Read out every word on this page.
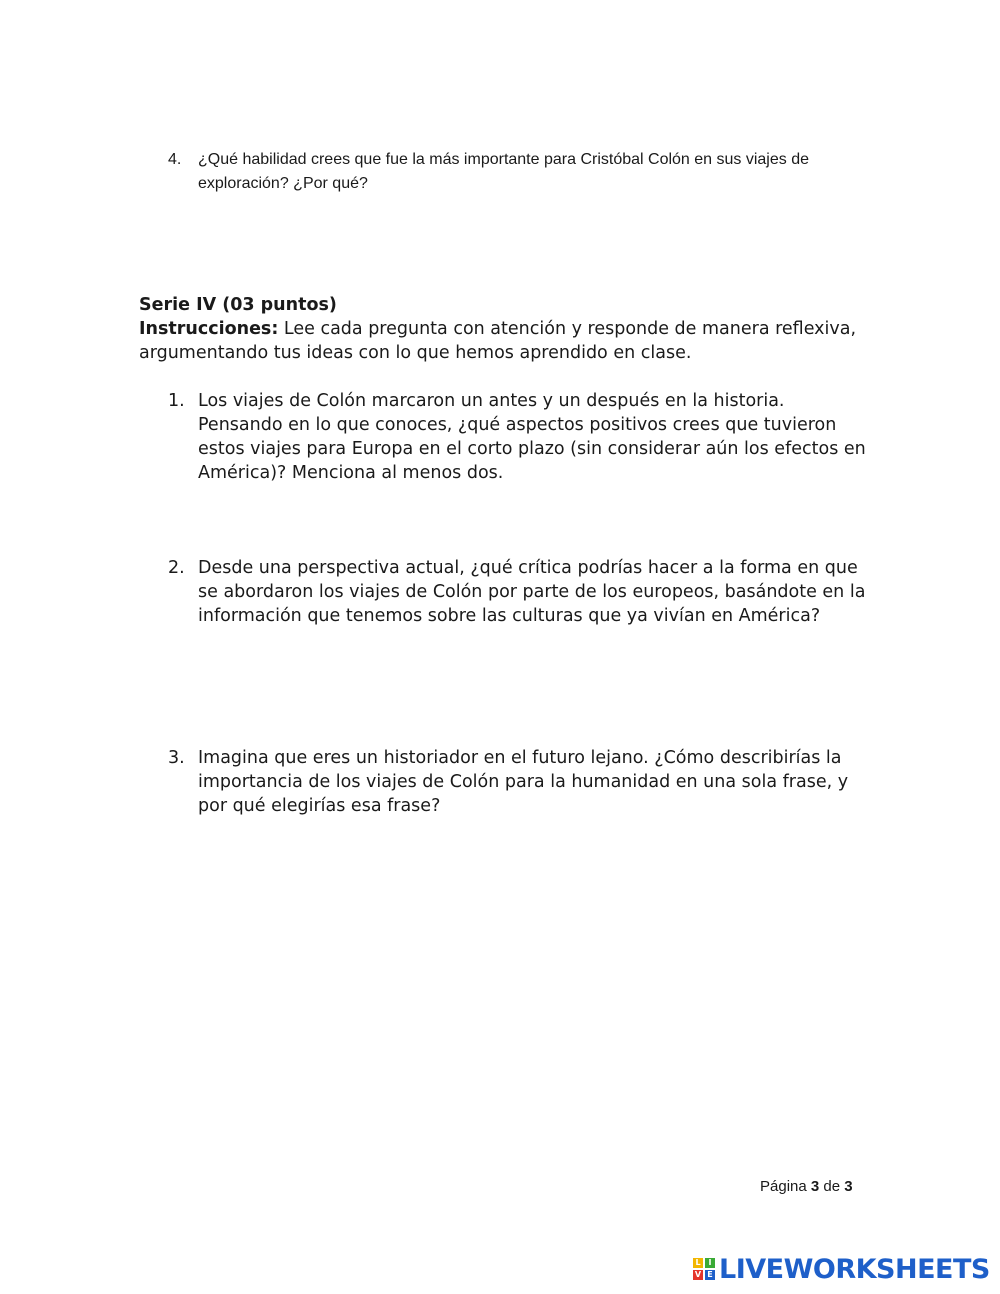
4.	¿Qué habilidad crees que fue la más importante para Cristóbal Colón en sus viajes de exploración? ¿Por qué?
Serie IV (03 puntos)
Instrucciones: Lee cada pregunta con atención y responde de manera reflexiva, argumentando tus ideas con lo que hemos aprendido en clase.
1. Los viajes de Colón marcaron un antes y un después en la historia. Pensando en lo que conoces, ¿qué aspectos positivos crees que tuvieron estos viajes para Europa en el corto plazo (sin considerar aún los efectos en América)? Menciona al menos dos.
2. Desde una perspectiva actual, ¿qué crítica podrías hacer a la forma en que se abordaron los viajes de Colón por parte de los europeos, basándote en la información que tenemos sobre las culturas que ya vivían en América?
3. Imagina que eres un historiador en el futuro lejano. ¿Cómo describirías la importancia de los viajes de Colón para la humanidad en una sola frase, y por qué elegirías esa frase?
Página 3 de 3
L I
V E LIVEWORKSHEETS
